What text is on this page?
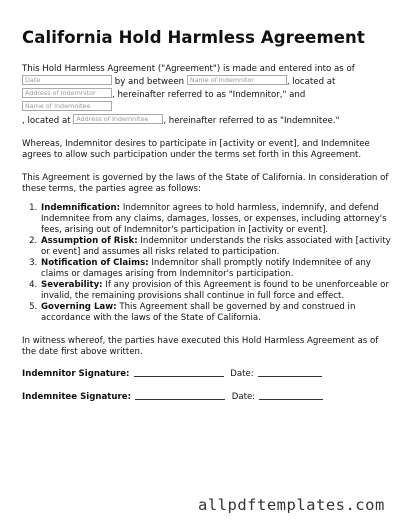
California Hold Harmless Agreement

This Hold Harmless Agreement ("Agreement") is made and entered into as of
Date	by and between Name of Indemnitor	, located at
Address of Indemnitor , hereinafter referred to as "Indemnitor," and Name of Indemnitee
, located at Address of Indemnitee , hereinafter referred to as "Indemnitee."

Whereas, Indemnitor desires to participate in [activity or event], and Indemnitee agrees to allow such participation under the terms set forth in this Agreement.

This Agreement is governed by the laws of the State of California. In consideration of these terms, the parties agree as follows:

1. Indemnification: Indemnitor agrees to hold harmless, indemnify, and defend Indemnitee from any claims, damages, losses, or expenses, including attorney's fees, arising out of Indemnitor's participation in [activity or event].
2. Assumption of Risk: Indemnitor understands the risks associated with [activity or event] and assumes all risks related to participation.
3. Notification of Claims: Indemnitor shall promptly notify Indemnitee of any claims or damages arising from Indemnitor's participation.
4. Severability: If any provision of this Agreement is found to be unenforceable or invalid, the remaining provisions shall continue in full force and effect.
5. Governing Law: This Agreement shall be governed by and construed in accordance with the laws of the State of California.

In witness whereof, the parties have executed this Hold Harmless Agreement as of the date first above written.

Indemnitor Signature:	Date:
Indemnitee Signature:	Date:
allpdftemplates.com
